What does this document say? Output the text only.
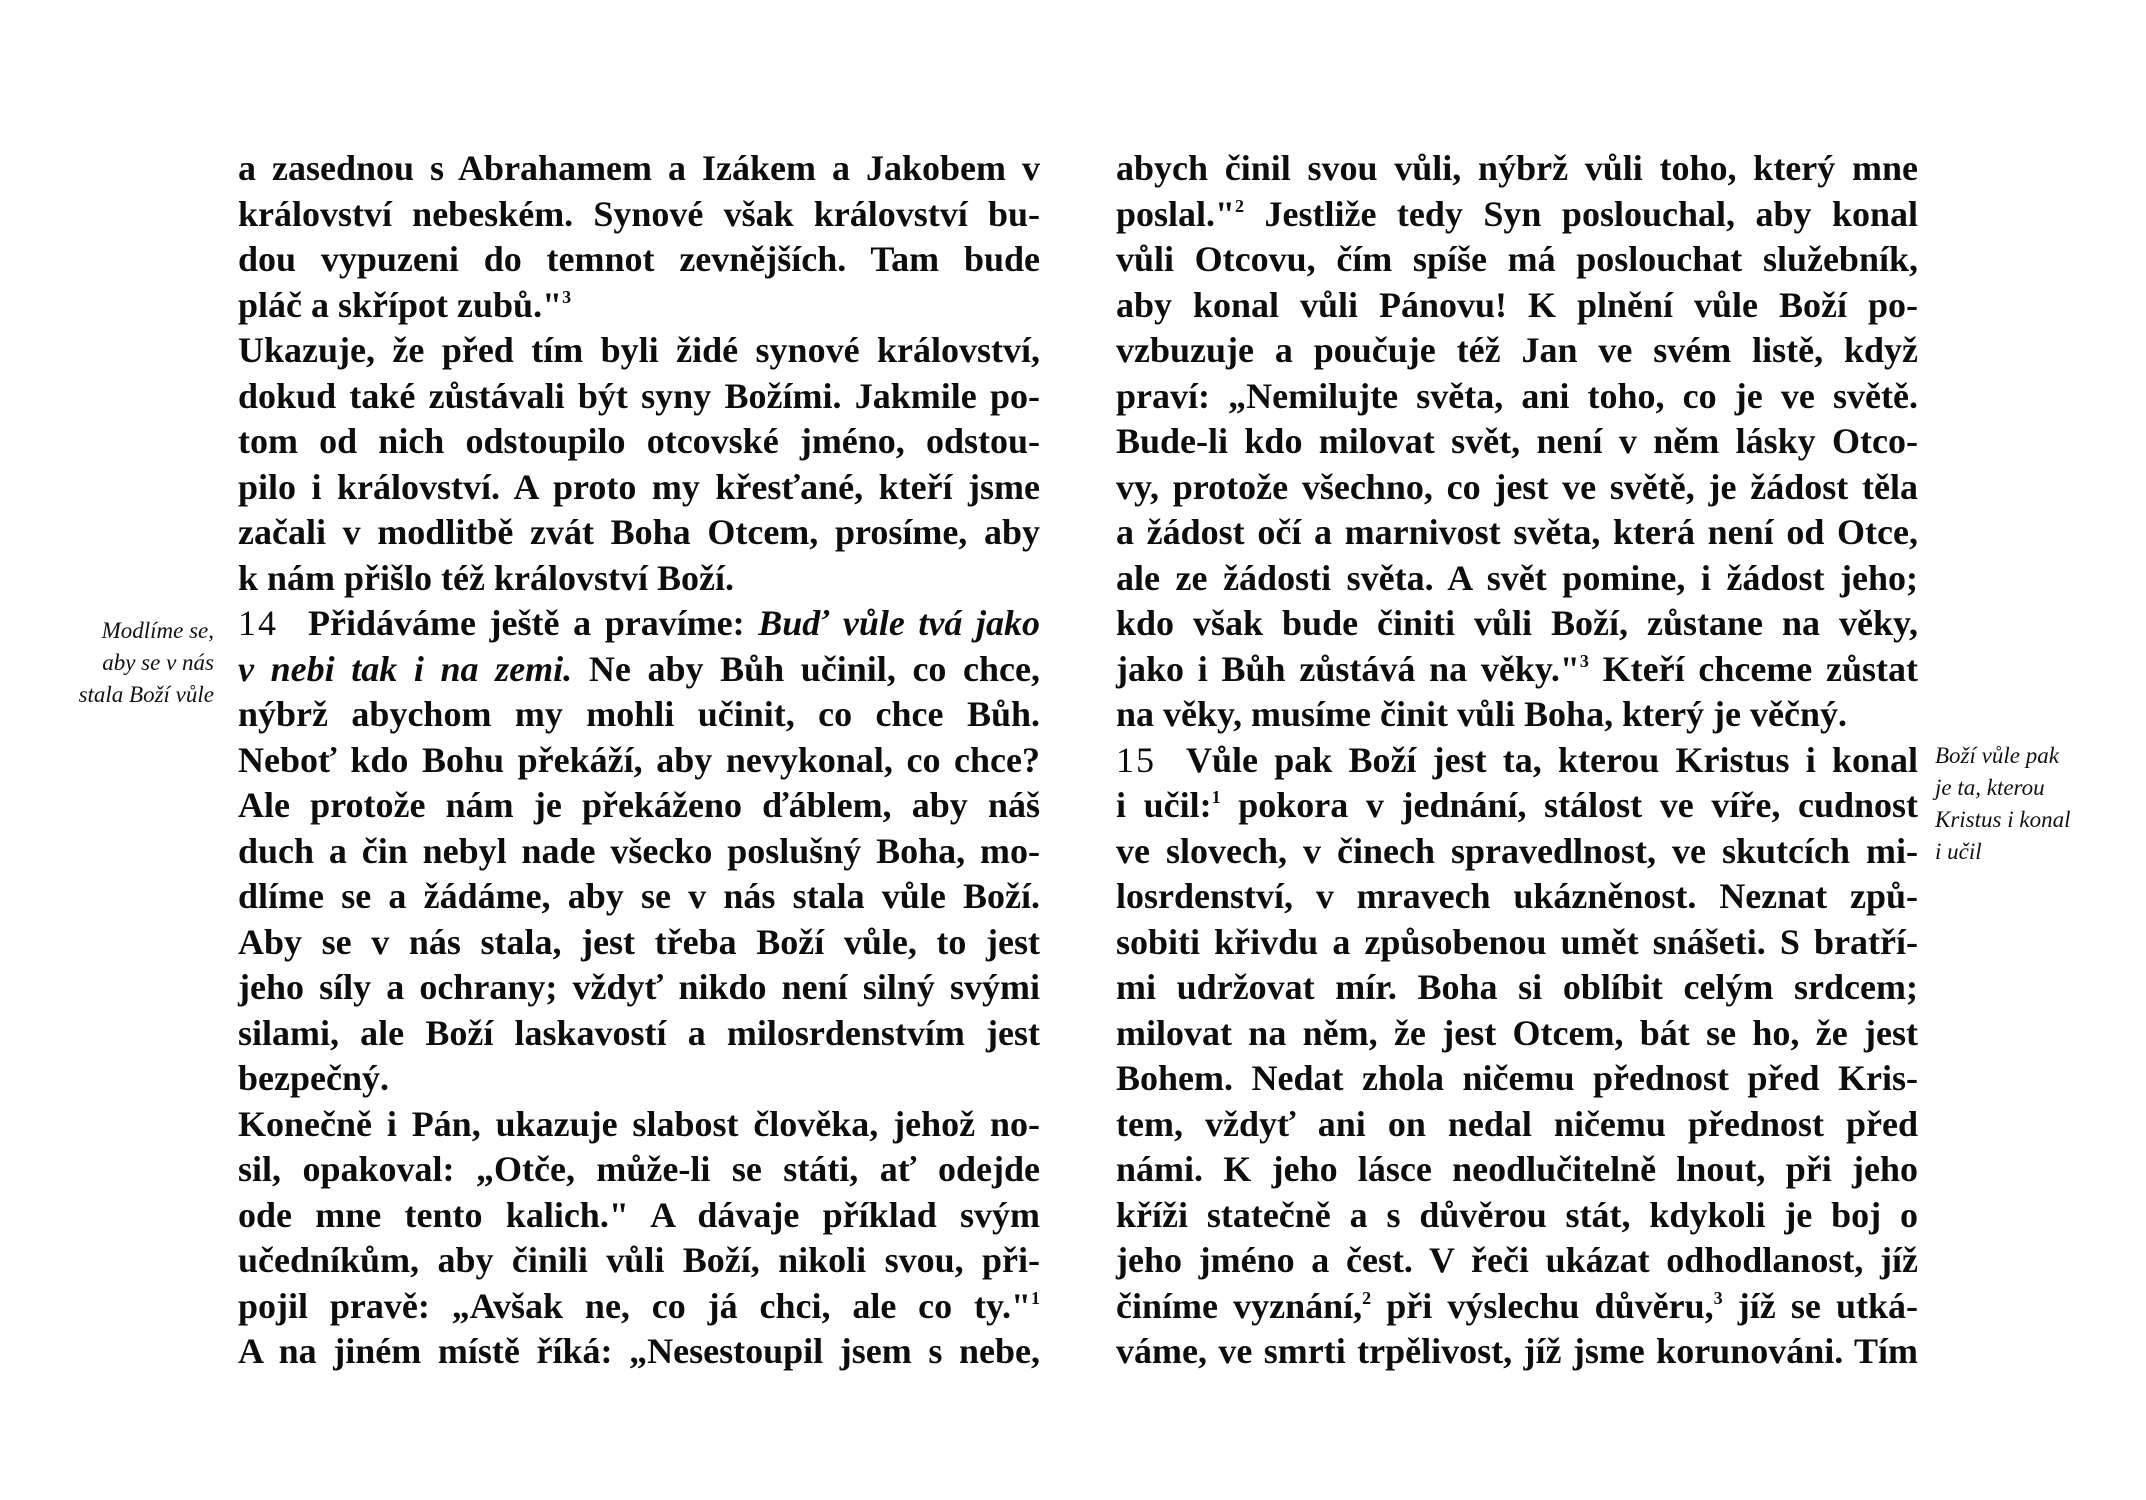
a zasednou s Abrahamem a Izákem a Jakobem v
království nebeském. Synové však království bu-
dou vypuzeni do temnot zevnějších. Tam bude
pláč a skřípot zubů."$^3$
Ukazuje, že před tím byli židé synové království,
dokud také zůstávali být syny Božími. Jakmile po-
tom od nich odstoupilo otcovské jméno, odstou-
pilo i království. A proto my křesťané, kteří jsme
začali v modlitbě zvát Boha Otcem, prosíme, aby
k nám přišlo též království Boží.
14 Přidáváme ještě a pravíme: Buď vůle tvá jako
v nebi tak i na zemi. Ne aby Bůh učinil, co chce,
nýbrž abychom my mohli učinit, co chce Bůh.
Neboť kdo Bohu překáží, aby nevykonal, co chce?
Ale protože nám je překáženo ďáblem, aby náš
duch a čin nebyl nade všecko poslušný Boha, mo-
dlíme se a žádáme, aby se v nás stala vůle Boží.
Aby se v nás stala, jest třeba Boží vůle, to jest
jeho síly a ochrany; vždyť nikdo není silný svými
silami, ale Boží laskavostí a milosrdenstvím jest
bezpečný.
Konečně i Pán, ukazuje slabost člověka, jehož no-
sil, opakoval: „Otče, může-li se státi, ať odejde
ode mne tento kalich." A dávaje příklad svým
učedníkům, aby činili vůli Boží, nikoli svou, při-
pojil pravě: „Avšak ne, co já chci, ale co ty."$^1$
A na jiném místě říká: „Nesestoupil jsem s nebe,
Modlíme se,
aby se v nás
stala Boží vůle
abych činil svou vůli, nýbrž vůli toho, který mne
poslal."$^2$ Jestliže tedy Syn poslouchal, aby konal
vůli Otcovu, čím spíše má poslouchat služebník,
aby konal vůli Pánovu! K plnění vůle Boží po-
vzbuzuje a poučuje též Jan ve svém listě, když
praví: „Nemilujte světa, ani toho, co je ve světě.
Bude-li kdo milovat svět, není v něm lásky Otco-
vy, protože všechno, co jest ve světě, je žádost těla
a žádost očí a marnivost světa, která není od Otce,
ale ze žádosti světa. A svět pomine, i žádost jeho;
kdo však bude činiti vůli Boží, zůstane na věky,
jako i Bůh zůstává na věky."$^3$ Kteří chceme zůstat
na věky, musíme činit vůli Boha, který je věčný.
15 Vůle pak Boží jest ta, kterou Kristus i konal
i učil:$^1$ pokora v jednání, stálost ve víře, cudnost
ve slovech, v činech spravedlnost, ve skutcích mi-
losrdenství, v mravech ukázněnost. Neznat způ-
sobiti křivdu a způsobenou umět snášeti. S bratří-
mi udržovat mír. Boha si oblíbit celým srdcem;
milovat na něm, že jest Otcem, bát se ho, že jest
Bohem. Nedat zhola ničemu přednost před Kris-
tem, vždyť ani on nedal ničemu přednost před
námi. K jeho lásce neodlučitelně lnout, při jeho
kříži statečně a s důvěrou stát, kdykoli je boj o
jeho jméno a čest. V řeči ukázat odhodlanost, jíž
činíme vyznání,$^2$ při výslechu důvěru,$^3$ jíž se utká-
váme, ve smrti trpělivost, jíž jsme korunováni. Tím
Boží vůle pak
je ta, kterou
Kristus i konal
i učil
